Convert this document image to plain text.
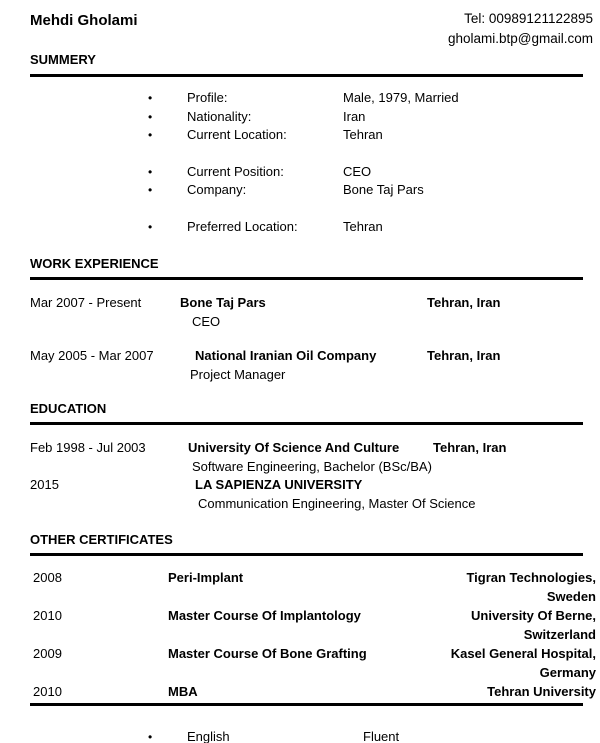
Mehdi Gholami	Tel: 00989121122895
gholami.btp@gmail.com
SUMMERY
•	Profile:	Male, 1979, Married
•	Nationality:	Iran
•	Current Location:	Tehran
•	Current Position:	CEO
•	Company:	Bone Taj Pars
•	Preferred Location:	Tehran
WORK EXPERIENCE
Mar 2007 - Present	Bone Taj Pars	Tehran, Iran
CEO
May 2005 - Mar 2007	National Iranian Oil Company	Tehran, Iran
Project Manager
EDUCATION
Feb 1998 - Jul 2003	University Of Science And Culture	Tehran, Iran
Software Engineering, Bachelor (BSc/BA)
2015	LA SAPIENZA UNIVERSITY
Communication Engineering, Master Of Science
OTHER CERTIFICATES
2008	Peri-Implant	Tigran Technologies, Sweden
2010	Master Course Of Implantology	University Of Berne, Switzerland
2009	Master Course Of Bone Grafting	Kasel General Hospital, Germany
2010	MBA	Tehran University
•	English	Fluent
